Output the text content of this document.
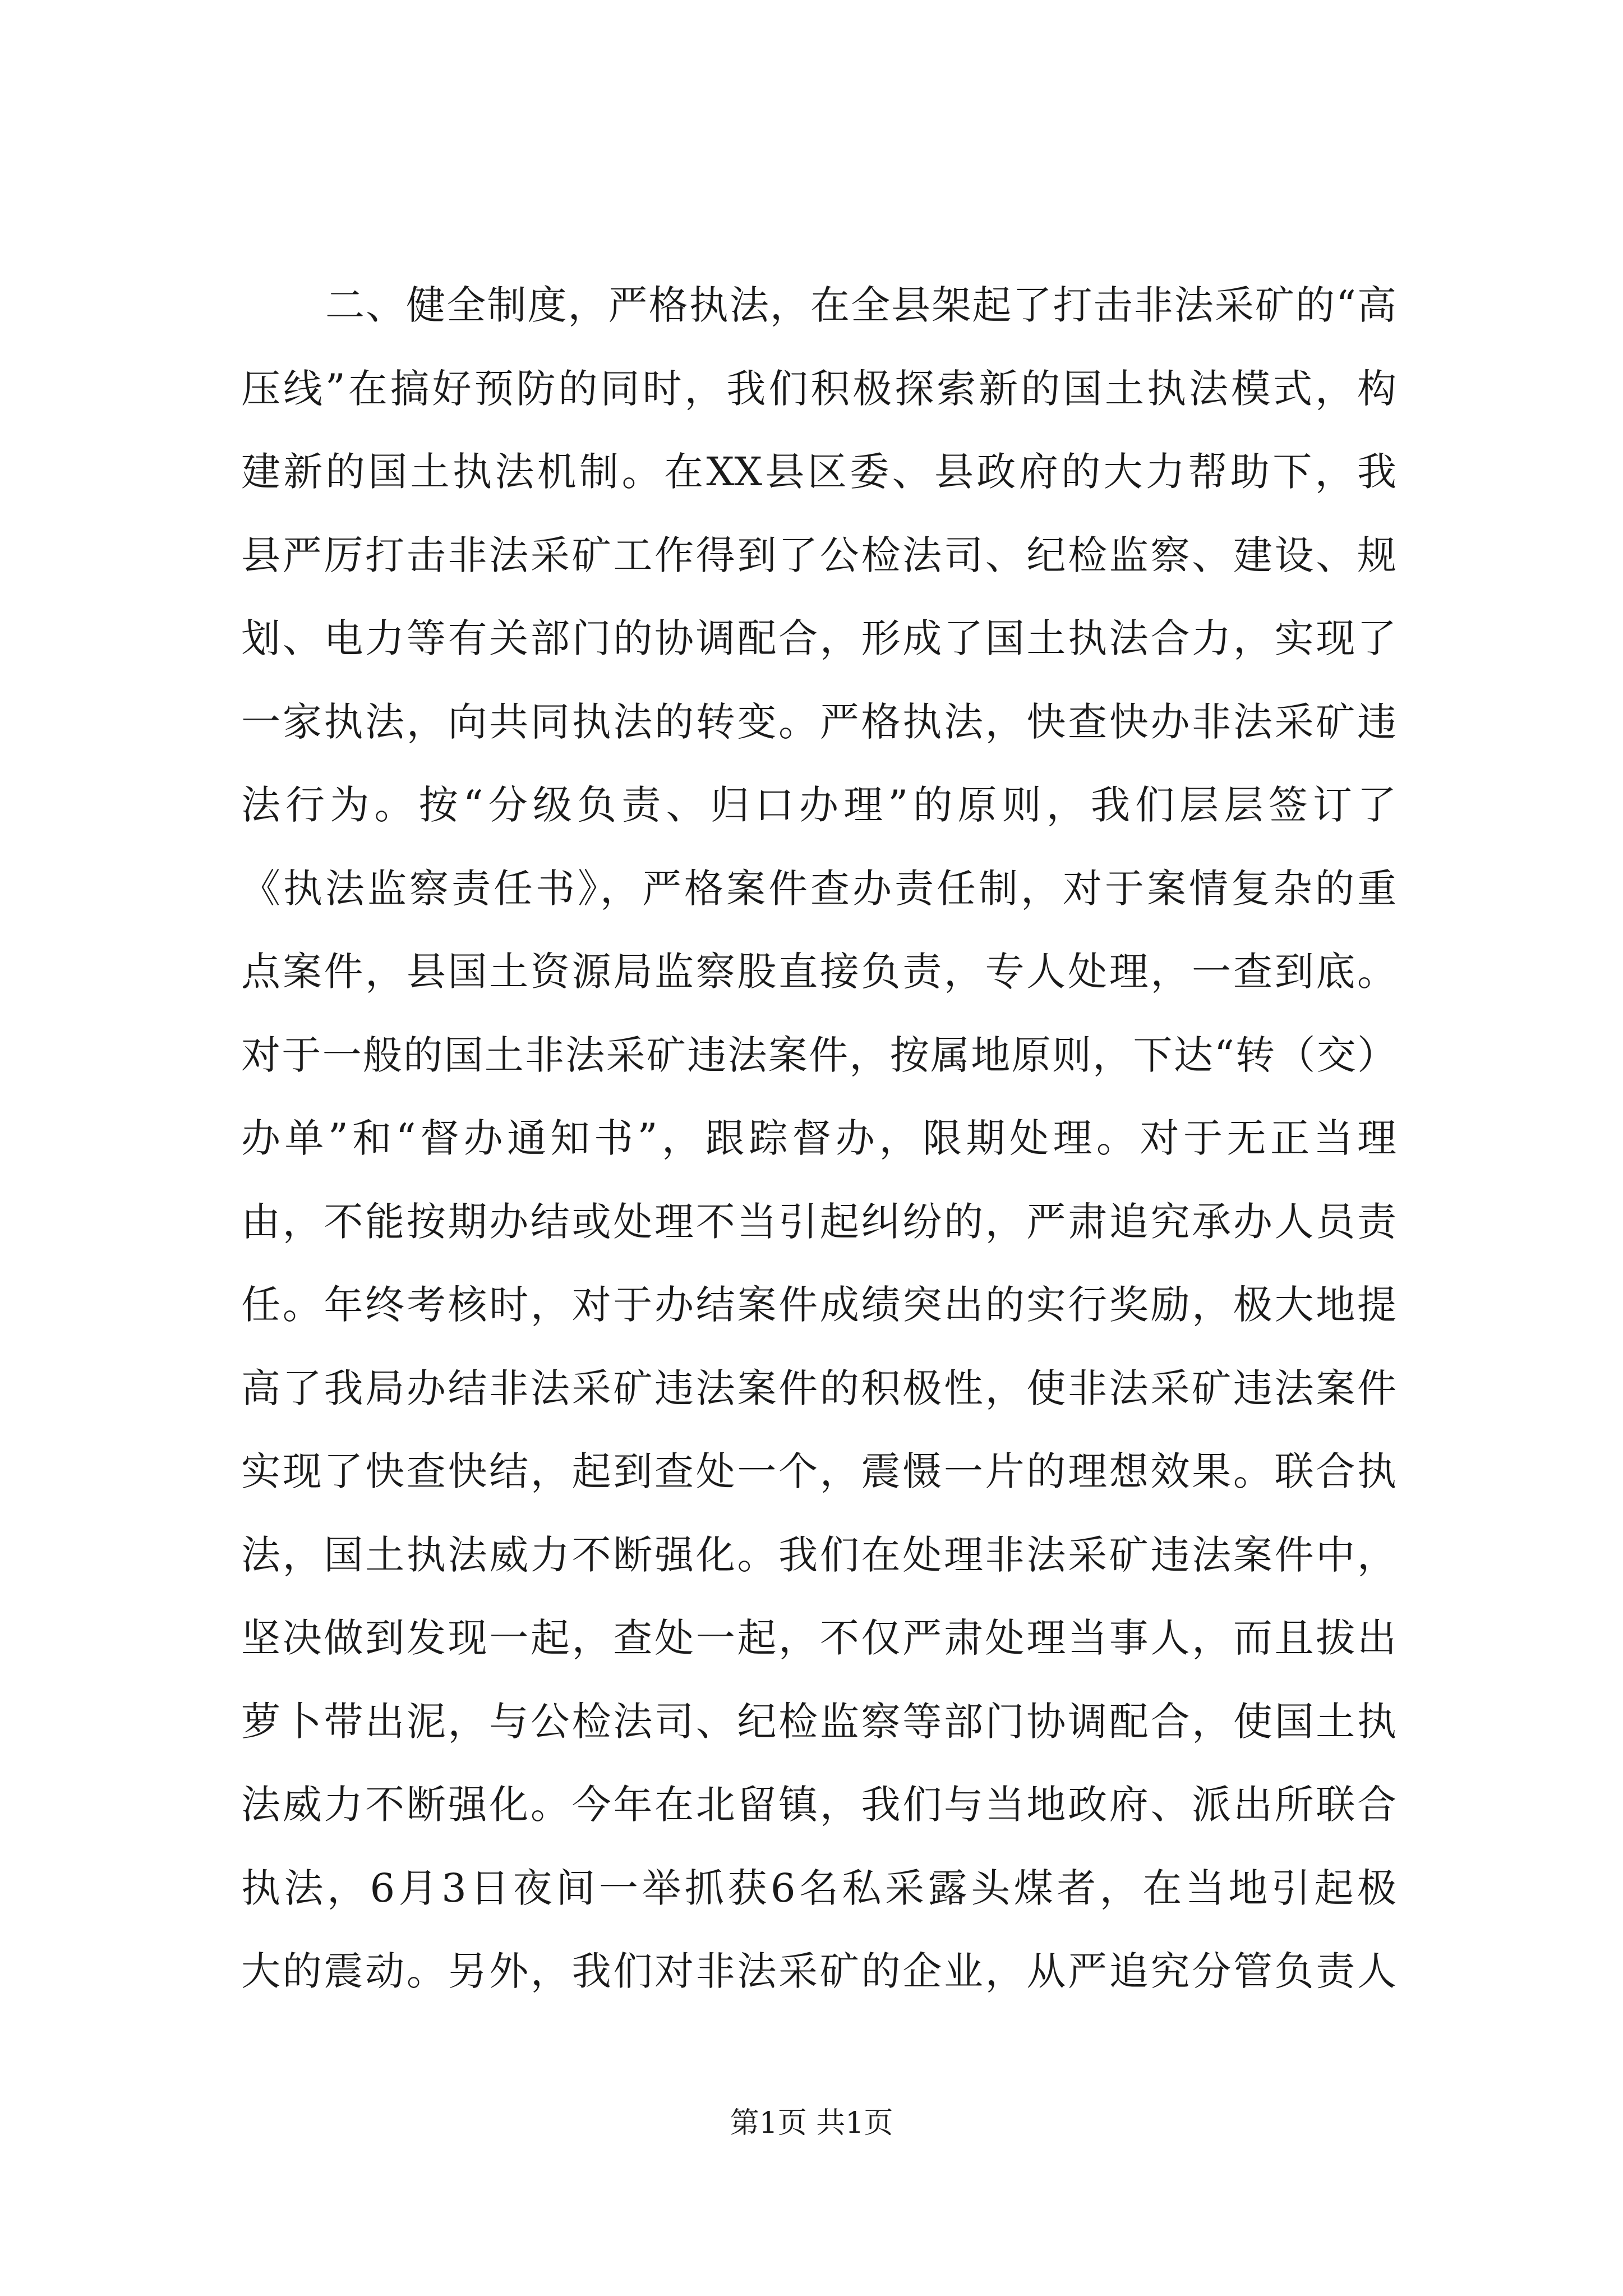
二、健全制度，严格执法，在全县架起了打击非法采矿的“高
压线”在搞好预防的同时，我们积极探索新的国土执法模式，构
建新的国土执法机制。在XX县区委、县政府的大力帮助下，我
县严厉打击非法采矿工作得到了公检法司、纪检监察、建设、规
划、电力等有关部门的协调配合，形成了国土执法合力，实现了
一家执法，向共同执法的转变。严格执法，快查快办非法采矿违
法行为。按“分级负责、归口办理”的原则，我们层层签订了
《执法监察责任书》，严格案件查办责任制，对于案情复杂的重
点案件，县国土资源局监察股直接负责，专人处理，一查到底。
对于一般的国土非法采矿违法案件，按属地原则，下达“转（交）
办单”和“督办通知书”，跟踪督办，限期处理。对于无正当理
由，不能按期办结或处理不当引起纠纷的，严肃追究承办人员责
任。年终考核时，对于办结案件成绩突出的实行奖励，极大地提
高了我局办结非法采矿违法案件的积极性，使非法采矿违法案件
实现了快查快结，起到查处一个，震慑一片的理想效果。联合执
法，国土执法威力不断强化。我们在处理非法采矿违法案件中，
坚决做到发现一起，查处一起，不仅严肃处理当事人，而且拔出
萝卜带出泥，与公检法司、纪检监察等部门协调配合，使国土执
法威力不断强化。今年在北留镇，我们与当地政府、派出所联合
执法，6月3日夜间一举抓获6名私采露头煤者，在当地引起极
大的震动。另外，我们对非法采矿的企业，从严追究分管负责人
第1页 共1页
